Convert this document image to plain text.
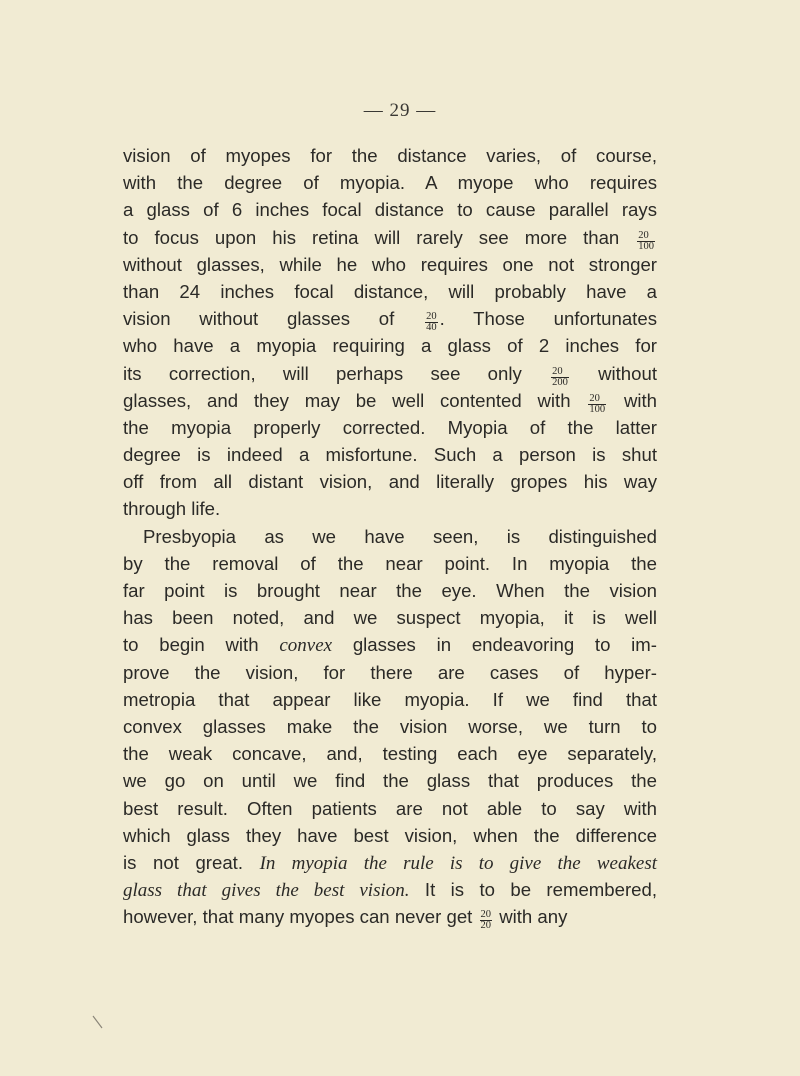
— 29 —
vision of myopes for the distance varies, of course,
with the degree of myopia. A myope who requires
a glass of 6 inches focal distance to cause parallel rays
to focus upon his retina will rarely see more than $\frac{20}{100}$
without glasses, while he who requires one not stronger
than 24 inches focal distance, will probably have a
vision without glasses of	$\frac{20}{40}$ . Those unfortunates
who have a myopia requiring a glass of 2 inches for
its correction, will perhaps see only	$\frac{20}{200}$ without
glasses, and they may be well contented with $\frac{20}{100}$ with
the myopia properly corrected. Myopia of the latter
degree is indeed a misfortune. Such a person is shut
off from all distant vision, and literally gropes his way
through life.
Presbyopia as we have seen, is distinguished
by the removal of the near point. In myopia the
far point is brought near the eye. When the vision
has been noted, and we suspect myopia, it is well
to begin with convex glasses in endeavoring to im-
prove the vision, for there are cases of hyper-
metropia that appear like myopia. If we find that
convex glasses make the vision worse, we turn to
the weak concave, and, testing each eye separately,
we go on until we find the glass that produces the
best result. Often patients are not able to say with
which glass they have best vision, when the difference
is not great. In myopia the rule is to give the weakest
glass that gives the best vision. It is to be remembered,
however, that many myopes can never get $\frac{20}{20}$ with any
